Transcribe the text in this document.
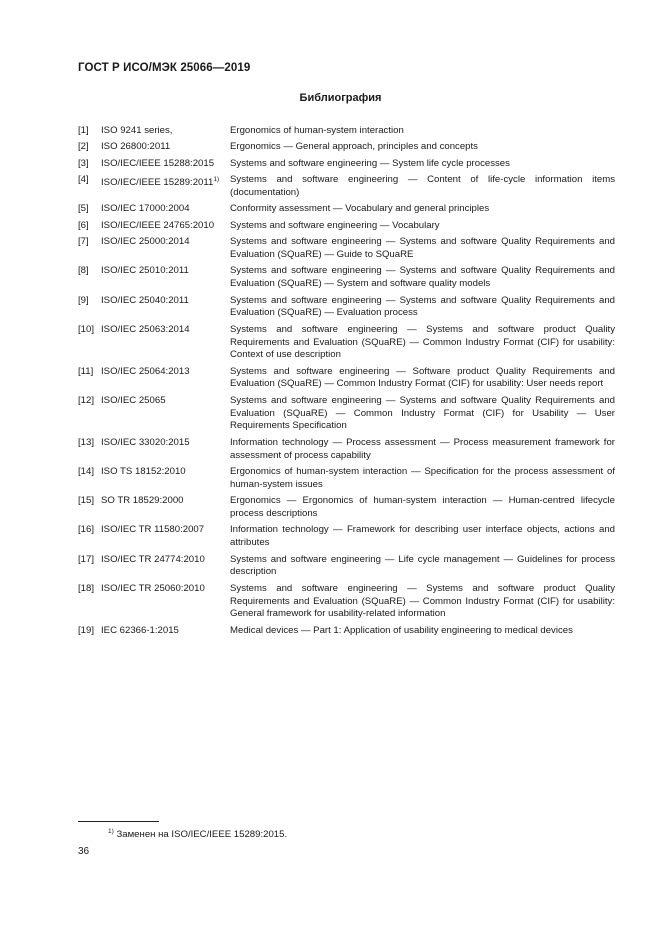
ГОСТ Р ИСО/МЭК 25066—2019
Библиография
[1]	ISO 9241 series,	Ergonomics of human-system interaction
[2]	ISO 26800:2011	Ergonomics — General approach, principles and concepts
[3]	ISO/IEC/IEEE 15288:2015	Systems and software engineering — System life cycle processes
[4]	ISO/IEC/IEEE 15289:2011$^{1)}$	Systems and software engineering — Content of life-cycle information items (documentation)
[5]	ISO/IEC 17000:2004	Conformity assessment — Vocabulary and general principles
[6]	ISO/IEC/IEEE 24765:2010	Systems and software engineering — Vocabulary
[7]	ISO/IEC 25000:2014	Systems and software engineering — Systems and software Quality Requirements and Evaluation (SQuaRE) — Guide to SQuaRE
[8]	ISO/IEC 25010:2011	Systems and software engineering — Systems and software Quality Requirements and Evaluation (SQuaRE) — System and software quality models
[9]	ISO/IEC 25040:2011	Systems and software engineering — Systems and software Quality Requirements and Evaluation (SQuaRE) — Evaluation process
[10] ISO/IEC 25063:2014	Systems and software engineering — Systems and software product Quality Requirements and Evaluation (SQuaRE) — Common Industry Format (CIF) for usability: Context of use description
[11] ISO/IEC 25064:2013	Systems and software engineering — Software product Quality Requirements and Evaluation (SQuaRE) — Common Industry Format (CIF) for usability: User needs report
[12] ISO/IEC 25065	Systems and software engineering — Systems and software Quality Requirements and Evaluation (SQuaRE) — Common Industry Format (CIF) for Usability — User Requirements Specification
[13] ISO/IEC 33020:2015	Information technology — Process assessment — Process measurement framework for assessment of process capability
[14] ISO TS 18152:2010	Ergonomics of human-system interaction — Specification for the process assessment of human-system issues
[15] SO TR 18529:2000	Ergonomics — Ergonomics of human-system interaction — Human-centred lifecycle process descriptions
[16] ISO/IEC TR 11580:2007	Information technology — Framework for describing user interface objects, actions and attributes
[17] ISO/IEC TR 24774:2010	Systems and software engineering — Life cycle management — Guidelines for process description
[18] ISO/IEC TR 25060:2010	Systems and software engineering — Systems and software product Quality Requirements and Evaluation (SQuaRE) — Common Industry Format (CIF) for usability: General framework for usability-related information
[19] IEC 62366-1:2015	Medical devices — Part 1: Application of usability engineering to medical devices
$^{1)}$ Заменен на ISO/IEC/IEEE 15289:2015.
36
